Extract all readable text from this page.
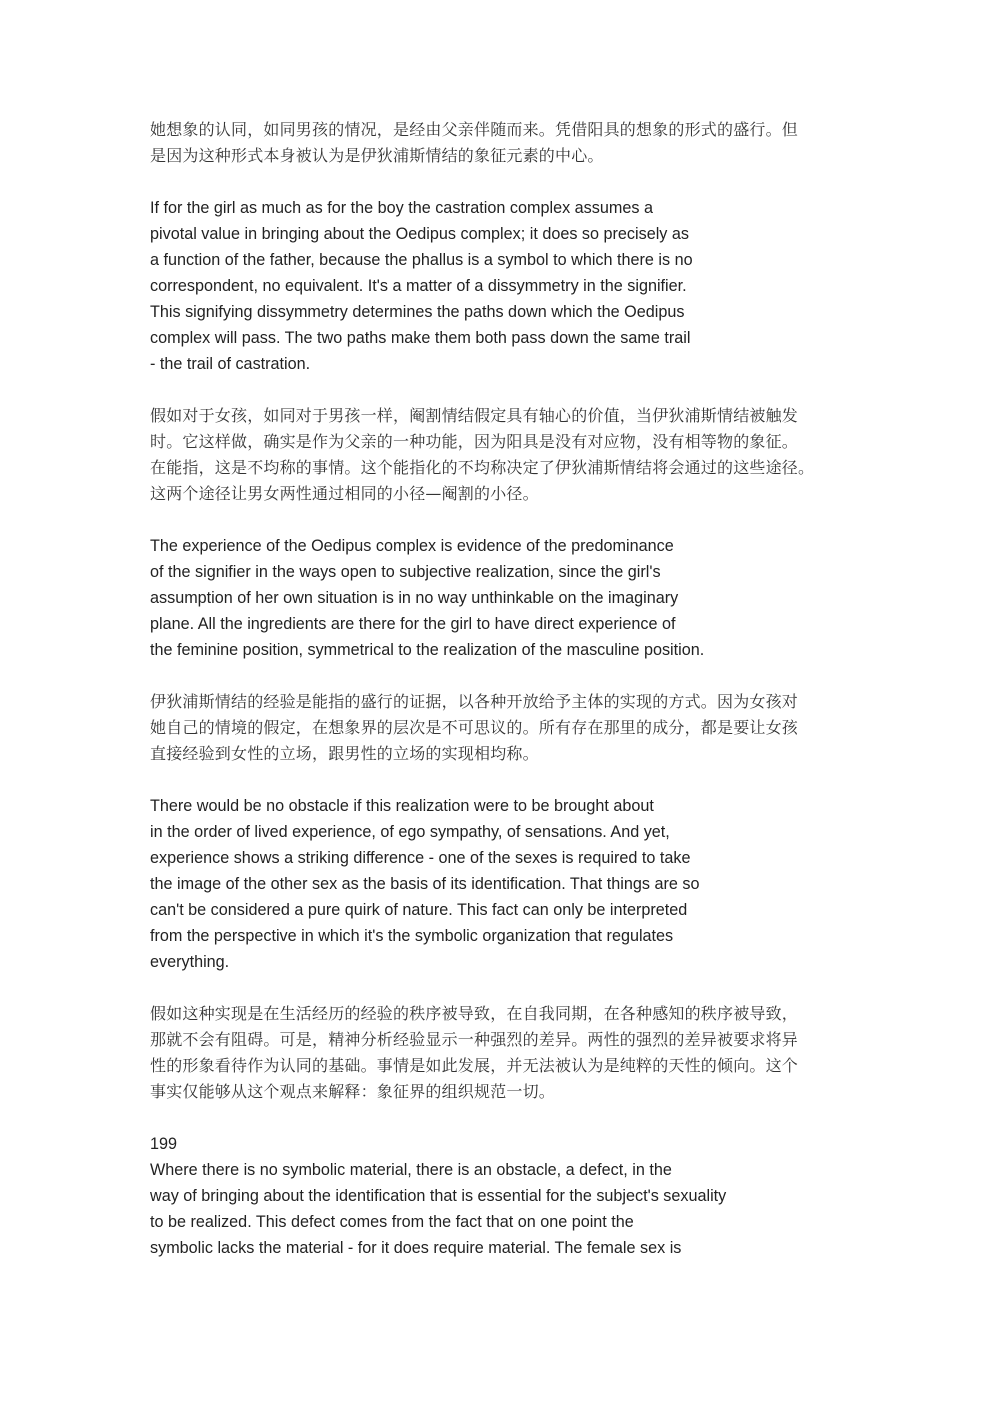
她想象的认同，如同男孩的情况，是经由父亲伴随而来。凭借阳具的想象的形式的盛行。但
是因为这种形式本身被认为是伊狄浦斯情结的象征元素的中心。
If for the girl as much as for the boy the castration complex assumes a
pivotal value in bringing about the Oedipus complex; it does so precisely as
a function of the father, because the phallus is a symbol to which there is no
correspondent, no equivalent. It's a matter of a dissymmetry in the signifier.
This signifying dissymmetry determines the paths down which the Oedipus
complex will pass. The two paths make them both pass down the same trail
- the trail of castration.
假如对于女孩，如同对于男孩一样，阉割情结假定具有轴心的价值，当伊狄浦斯情结被触发
时。它这样做，确实是作为父亲的一种功能，因为阳具是没有对应物，没有相等物的象征。
在能指，这是不均称的事情。这个能指化的不均称决定了伊狄浦斯情结将会通过的这些途径。
这两个途径让男女两性通过相同的小径—阉割的小径。
The experience of the Oedipus complex is evidence of the predominance
of the signifier in the ways open to subjective realization, since the girl's
assumption of her own situation is in no way unthinkable on the imaginary
plane. All the ingredients are there for the girl to have direct experience of
the feminine position, symmetrical to the realization of the masculine position.
伊狄浦斯情结的经验是能指的盛行的证据，以各种开放给予主体的实现的方式。因为女孩对
她自己的情境的假定，在想象界的层次是不可思议的。所有存在那里的成分，都是要让女孩
直接经验到女性的立场，跟男性的立场的实现相均称。
There would be no obstacle if this realization were to be brought about
in the order of lived experience, of ego sympathy, of sensations. And yet,
experience shows a striking difference - one of the sexes is required to take
the image of the other sex as the basis of its identification. That things are so
can't be considered a pure quirk of nature. This fact can only be interpreted
from the perspective in which it's the symbolic organization that regulates
everything.
假如这种实现是在生活经历的经验的秩序被导致，在自我同期，在各种感知的秩序被导致，
那就不会有阻碍。可是，精神分析经验显示一种强烈的差异。两性的强烈的差异被要求将异
性的形象看待作为认同的基础。事情是如此发展，并无法被认为是纯粹的天性的倾向。这个
事实仅能够从这个观点来解释：象征界的组织规范一切。
199
Where there is no symbolic material, there is an obstacle, a defect, in the
way of bringing about the identification that is essential for the subject's sexuality
to be realized. This defect comes from the fact that on one point the
symbolic lacks the material - for it does require material. The female sex is
